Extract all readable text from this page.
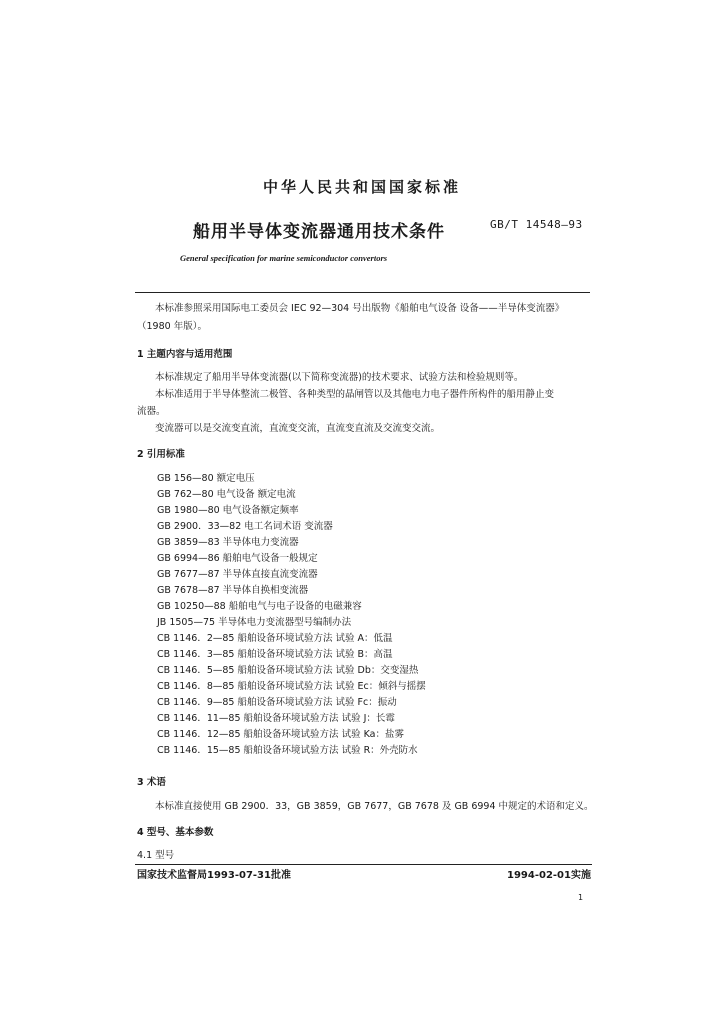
中华人民共和国国家标准
船用半导体变流器通用技术条件	GB/T 14548—93
General specification for marine semiconductor convertors
本标准参照采用国际电工委员会 IEC 92—304 号出版物《船舶电气设备 设备——半导体变流器》
（1980 年版）。
1 主题内容与适用范围
本标准规定了船用半导体变流器(以下简称变流器)的技术要求、试验方法和检验规则等。
本标准适用于半导体整流二极管、各种类型的晶闸管以及其他电力电子器件所构件的船用静止变
流器。
变流器可以是交流变直流，直流变交流，直流变直流及交流变交流。
2 引用标准
GB 156—80 额定电压
GB 762—80 电气设备 额定电流
GB 1980—80 电气设备额定频率
GB 2900．33—82 电工名词术语 变流器
GB 3859—83 半导体电力变流器
GB 6994—86 船舶电气设备一般规定
GB 7677—87 半导体直接直流变流器
GB 7678—87 半导体自换相变流器
GB 10250—88 船舶电气与电子设备的电磁兼容
JB 1505—75 半导体电力变流器型号编制办法
CB 1146．2—85 船舶设备环境试验方法 试验 A：低温
CB 1146．3—85 船舶设备环境试验方法 试验 B：高温
CB 1146．5—85 船舶设备环境试验方法 试验 Db：交变湿热
CB 1146．8—85 船舶设备环境试验方法 试验 Ec：倾斜与摇摆
CB 1146．9—85 船舶设备环境试验方法 试验 Fc：振动
CB 1146．11—85 船舶设备环境试验方法 试验 J：长霉
CB 1146．12—85 船舶设备环境试验方法 试验 Ka：盐雾
CB 1146．15—85 船舶设备环境试验方法 试验 R：外壳防水
3 术语
本标准直接使用 GB 2900．33，GB 3859，GB 7677，GB 7678 及 GB 6994 中规定的术语和定义。
4 型号、基本参数
4.1 型号
国家技术监督局1993-07-31批准	1994-02-01实施
1
